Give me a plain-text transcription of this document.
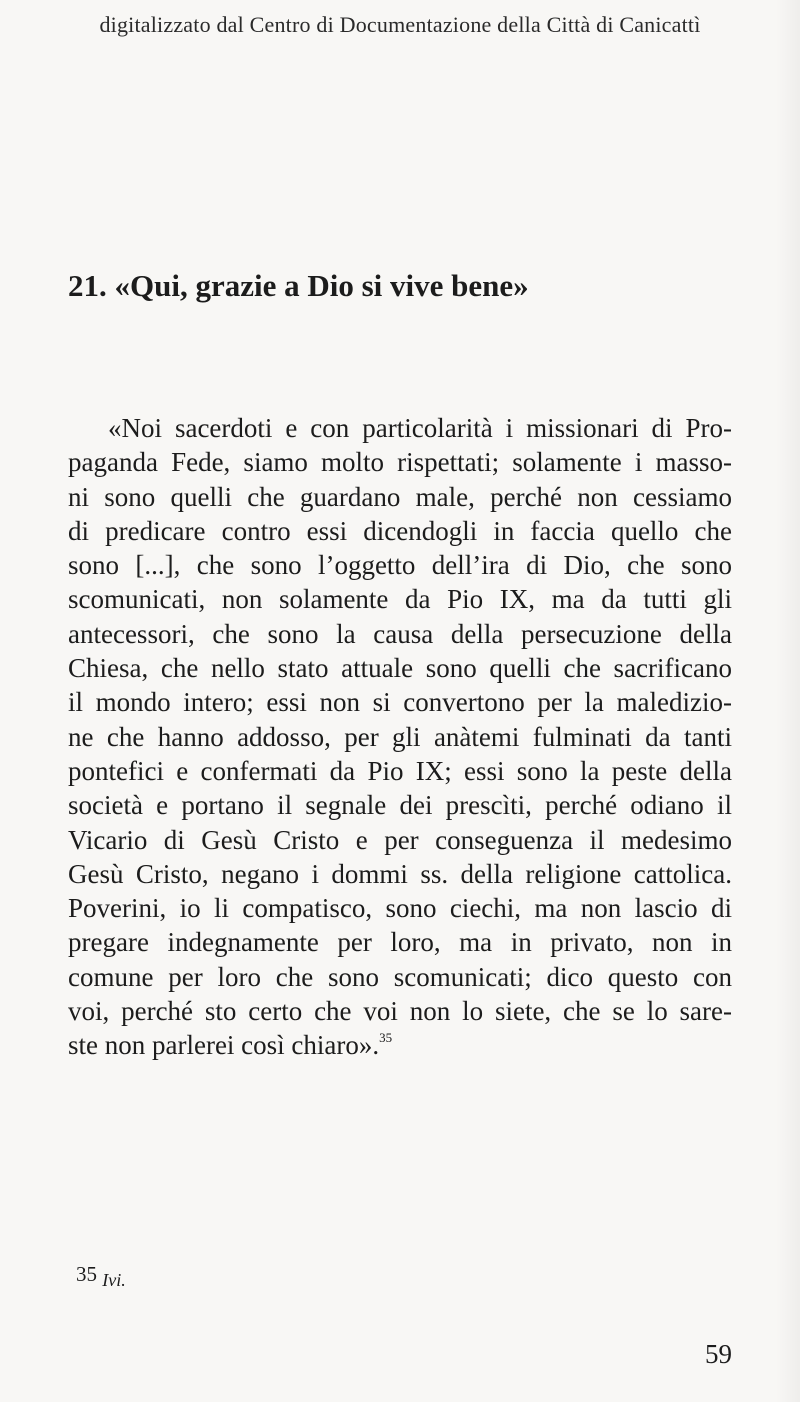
digitalizzato dal Centro di Documentazione della Città di Canicattì
21. «Qui, grazie a Dio si vive bene»
«Noi sacerdoti e con particolarità i missionari di Pro-
paganda Fede, siamo molto rispettati; solamente i masso-
ni sono quelli che guardano male, perché non cessiamo
di predicare contro essi dicendogli in faccia quello che
sono [...], che sono l’oggetto dell’ira di Dio, che sono
scomunicati, non solamente da Pio IX, ma da tutti gli
antecessori, che sono la causa della persecuzione della
Chiesa, che nello stato attuale sono quelli che sacrificano
il mondo intero; essi non si convertono per la maledizio-
ne che hanno addosso, per gli anàtemi fulminati da tanti
pontefici e confermati da Pio IX; essi sono la peste della
società e portano il segnale dei prescìti, perché odiano il
Vicario di Gesù Cristo e per conseguenza il medesimo
Gesù Cristo, negano i dommi ss. della religione cattolica.
Poverini, io li compatisco, sono ciechi, ma non lascio di
pregare indegnamente per loro, ma in privato, non in
comune per loro che sono scomunicati; dico questo con
voi, perché sto certo che voi non lo siete, che se lo sare-
ste non parlerei così chiaro».$^{35}$
35 Ivi.
59
